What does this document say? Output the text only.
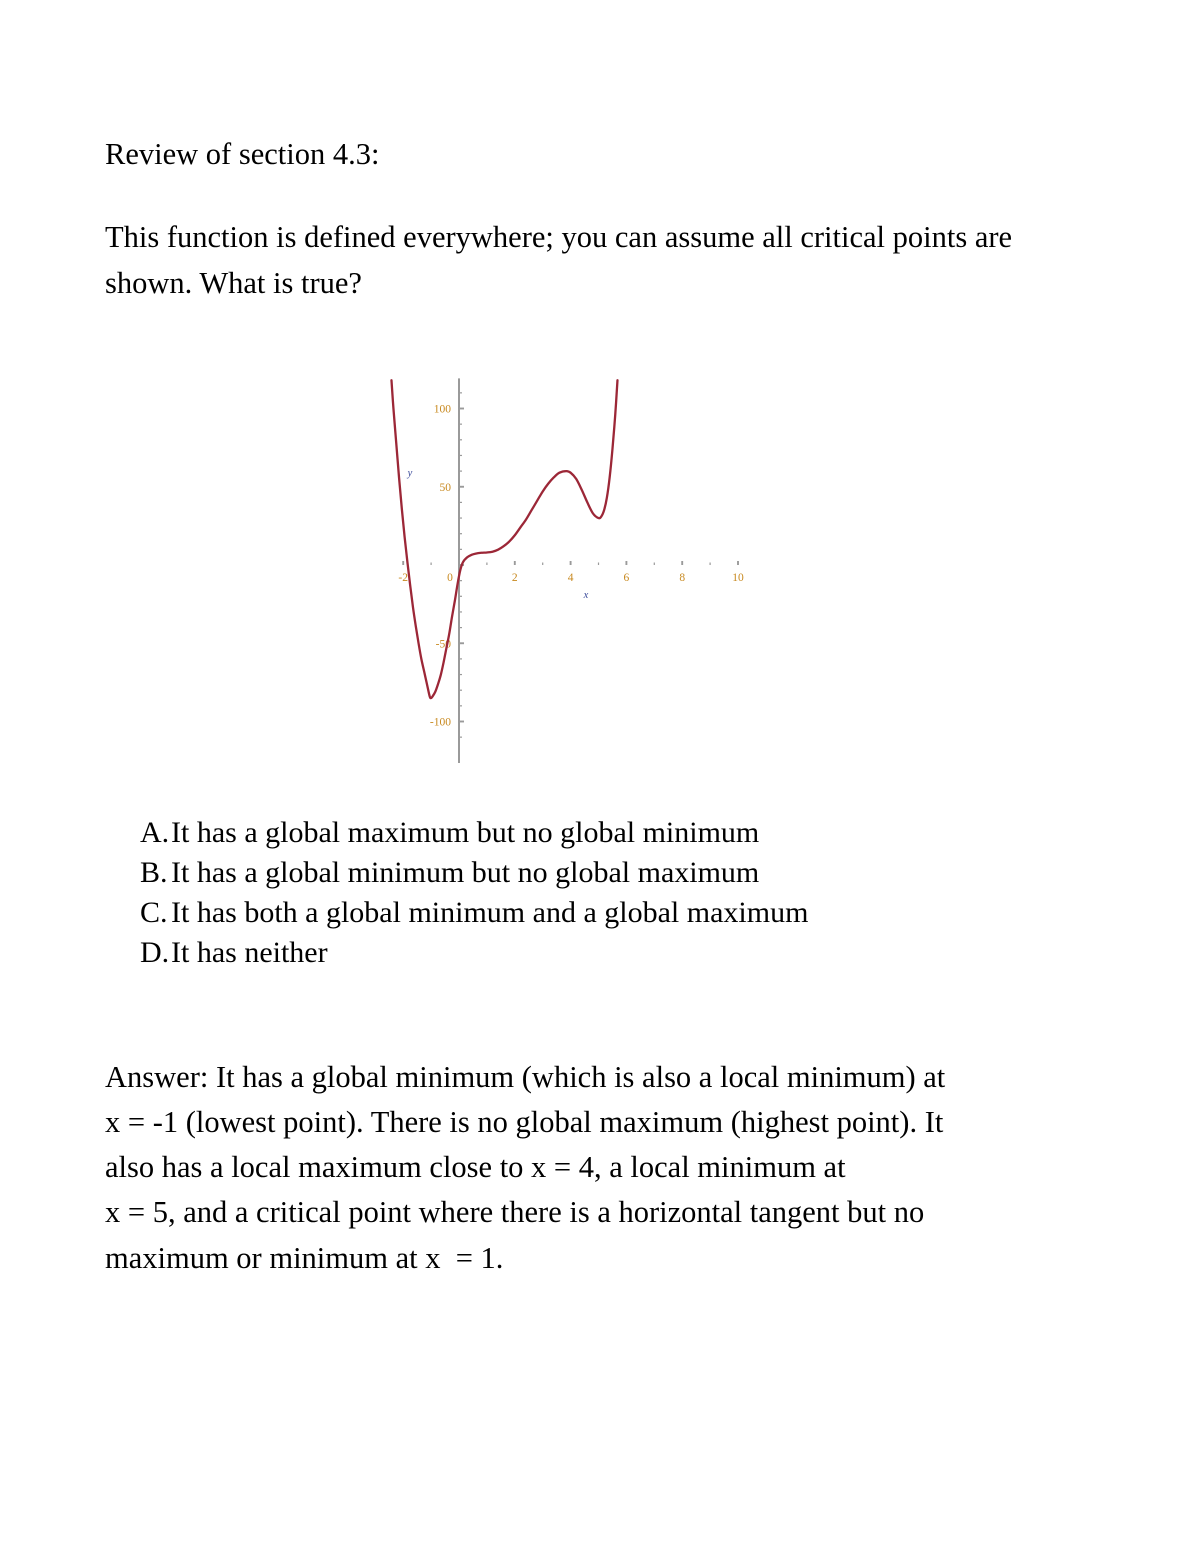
Review of section 4.3:
This function is defined everywhere; you can assume all critical points are shown. What is true?
-2	2	4	6	8	10
0
-100
-50
50
100
x
y
A. It has a global maximum but no global minimum
B. It has a global minimum but no global maximum
C. It has both a global minimum and a global maximum
D. It has neither
Answer: It has a global minimum (which is also a local minimum) at
x = -1 (lowest point). There is no global maximum (highest point). It
also has a local maximum close to x = 4, a local minimum at
x = 5, and a critical point where there is a horizontal tangent but no
maximum or minimum at x  = 1.
